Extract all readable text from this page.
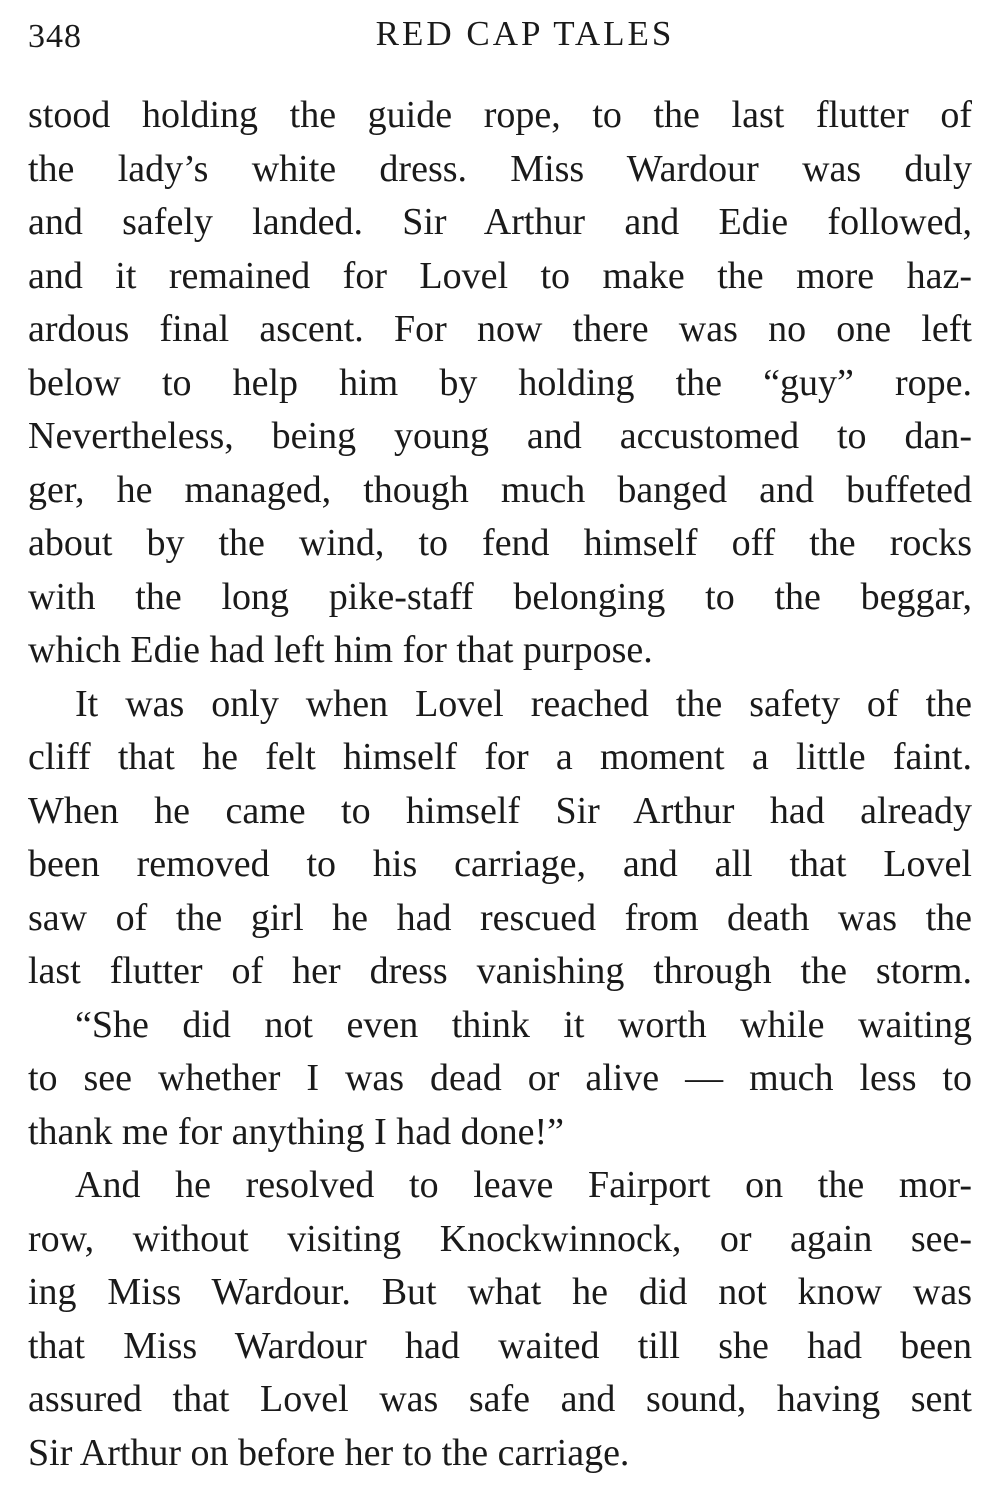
348	RED CAP TALES
stood holding the guide rope, to the last flutter of
the lady’s white dress. Miss Wardour was duly
and safely landed. Sir Arthur and Edie followed,
and it remained for Lovel to make the more haz-
ardous final ascent. For now there was no one left
below to help him by holding the “guy” rope.
Nevertheless, being young and accustomed to dan-
ger, he managed, though much banged and buffeted
about by the wind, to fend himself off the rocks
with the long pike-staff belonging to the beggar,
which Edie had left him for that purpose.
It was only when Lovel reached the safety of the
cliff that he felt himself for a moment a little faint.
When he came to himself Sir Arthur had already
been removed to his carriage, and all that Lovel
saw of the girl he had rescued from death was the
last flutter of her dress vanishing through the storm.
“She did not even think it worth while waiting
to see whether I was dead or alive — much less to
thank me for anything I had done!”
And he resolved to leave Fairport on the mor-
row, without visiting Knockwinnock, or again see-
ing Miss Wardour. But what he did not know was
that Miss Wardour had waited till she had been
assured that Lovel was safe and sound, having sent
Sir Arthur on before her to the carriage.
